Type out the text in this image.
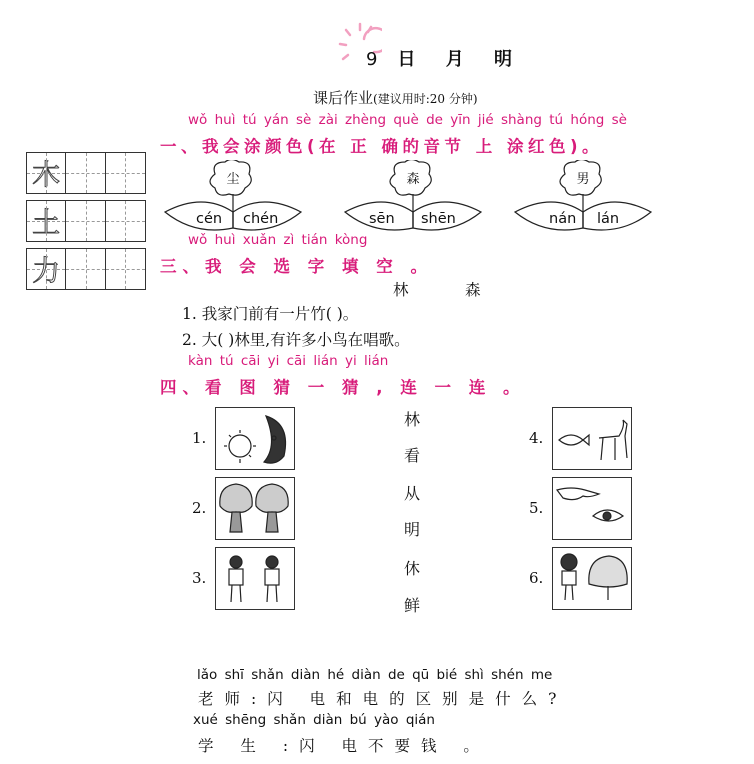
9 日 月 明
课后作业(建议用时:20 分钟)
wǒ huì tú yán sè zài zhèng què de yīn jié shàng tú hóng sè
一、我会涂颜色(在 正 确的音节 上 涂红色)。
木
土
力
尘
cén chén
森
sēn shēn
男
nán lán
wǒ huì xuǎn zì tián kòng
三、我 会 选 字 填 空 。
林	森
1. 我家门前有一片竹( )。
2. 大( )林里,有许多小鸟在唱歌。
kàn tú cāi yi cāi lián yi lián
四、看 图 猜 一 猜 , 连 一 连 。
1.
2.
3.
4.
5.
6.
林
看
从
明
休
鲜
lǎo shī shǎn diàn hé diàn de qū bié shì shén me
老师:闪 电和电的区别是什么?
xué shēng shǎn diàn bú yào qián
学 生 :闪 电不要钱 。
